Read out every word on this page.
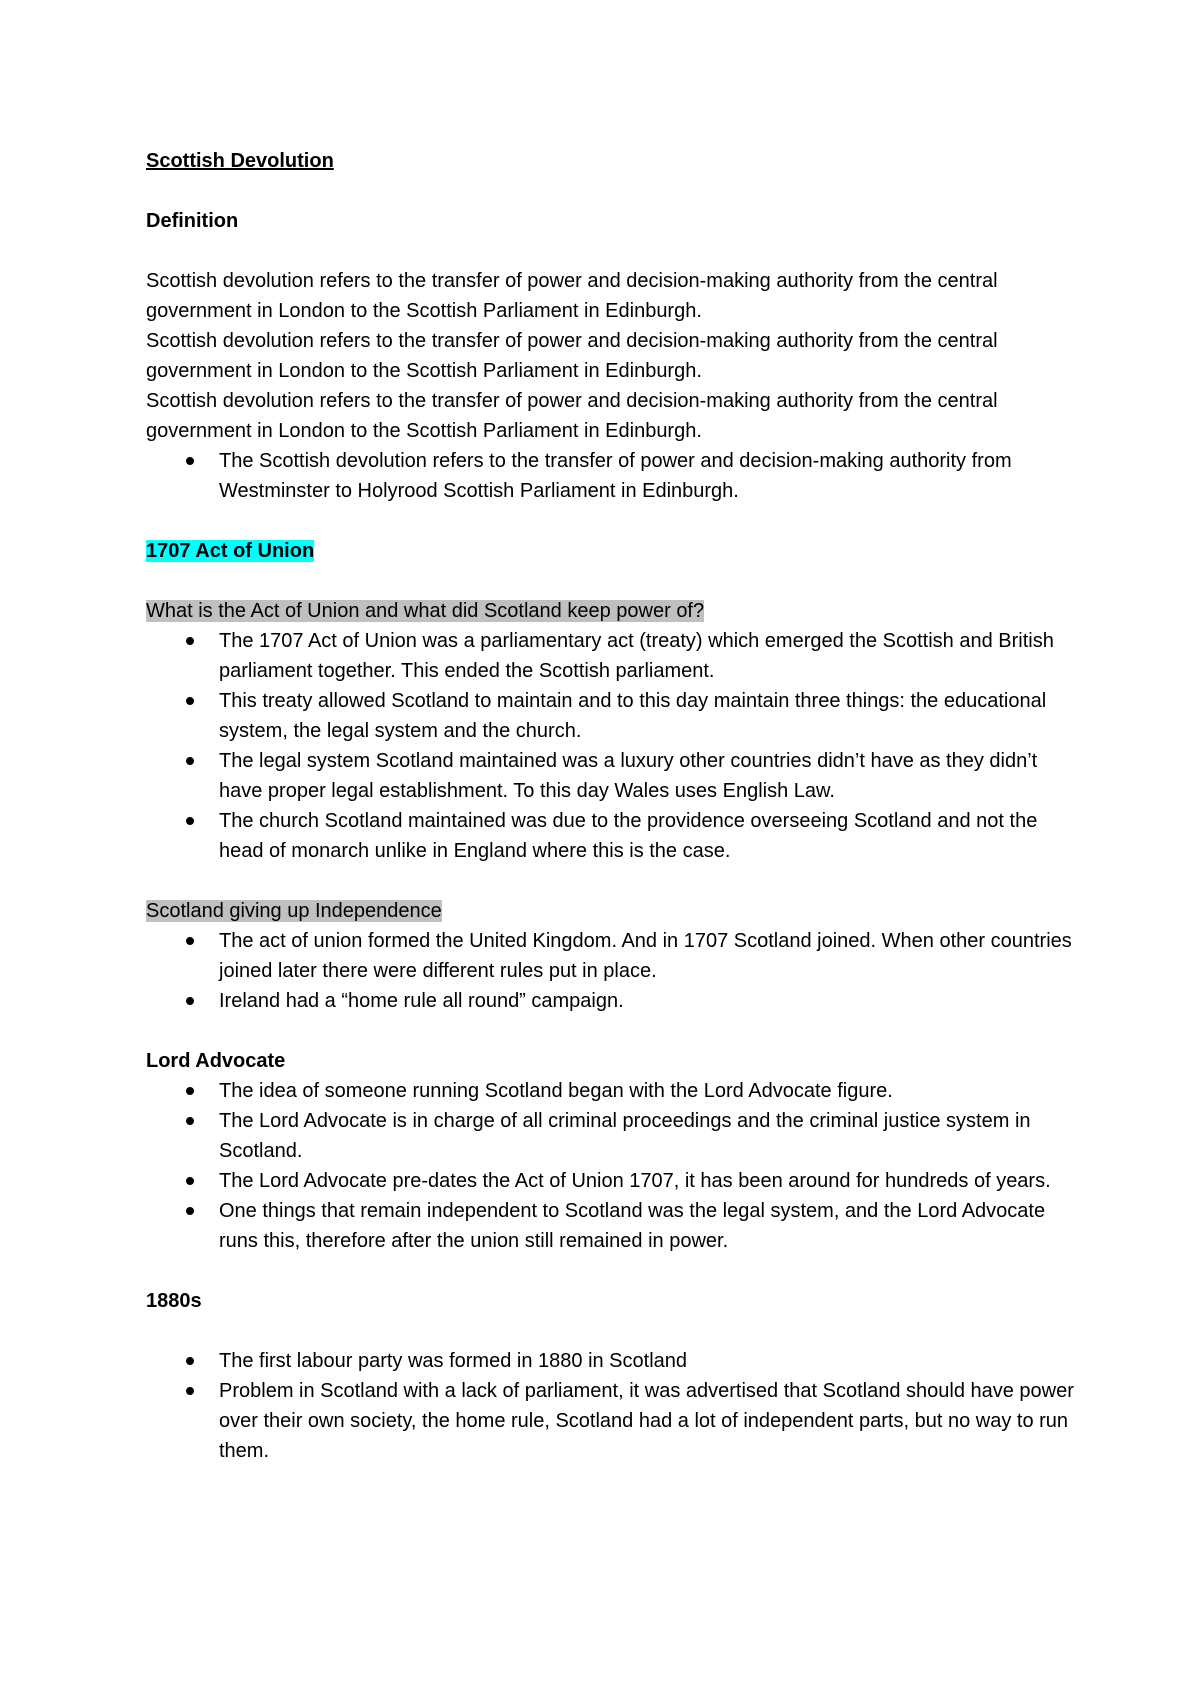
Scottish Devolution

Definition

Scottish devolution refers to the transfer of power and decision-making authority from the central government in London to the Scottish Parliament in Edinburgh.

Scottish devolution refers to the transfer of power and decision-making authority from the central government in London to the Scottish Parliament in Edinburgh.

Scottish devolution refers to the transfer of power and decision-making authority from the central government in London to the Scottish Parliament in Edinburgh.

The Scottish devolution refers to the transfer of power and decision-making authority from Westminster to Holyrood Scottish Parliament in Edinburgh.

1707 Act of Union

What is the Act of Union and what did Scotland keep power of?

The 1707 Act of Union was a parliamentary act (treaty) which emerged the Scottish and British parliament together. This ended the Scottish parliament.
This treaty allowed Scotland to maintain and to this day maintain three things: the educational system, the legal system and the church.
The legal system Scotland maintained was a luxury other countries didn’t have as they didn’t have proper legal establishment. To this day Wales uses English Law.
The church Scotland maintained was due to the providence overseeing Scotland and not the head of monarch unlike in England where this is the case.

Scotland giving up Independence

The act of union formed the United Kingdom. And in 1707 Scotland joined. When other countries joined later there were different rules put in place.
Ireland had a “home rule all round” campaign.

Lord Advocate

The idea of someone running Scotland began with the Lord Advocate figure.
The Lord Advocate is in charge of all criminal proceedings and the criminal justice system in Scotland.
The Lord Advocate pre-dates the Act of Union 1707, it has been around for hundreds of years.
One things that remain independent to Scotland was the legal system, and the Lord Advocate runs this, therefore after the union still remained in power.

1880s

The first labour party was formed in 1880 in Scotland
Problem in Scotland with a lack of parliament, it was advertised that Scotland should have power over their own society, the home rule, Scotland had a lot of independent parts, but no way to run them.
